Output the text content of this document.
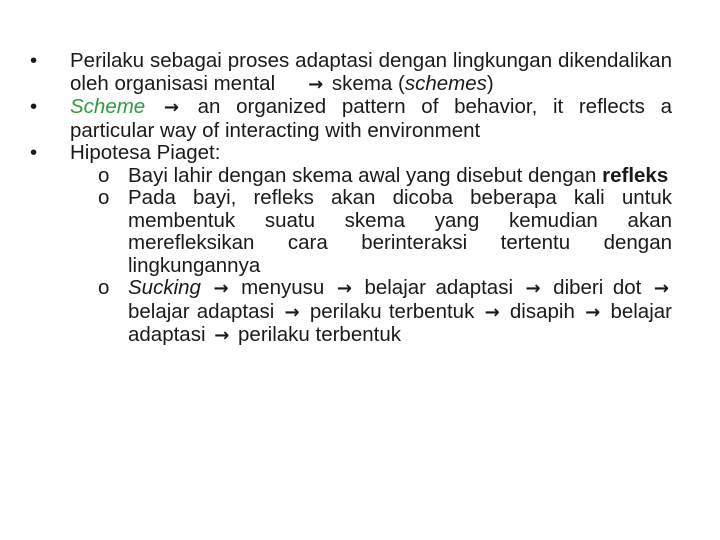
•	Perilaku sebagai proses adaptasi dengan lingkungan dikendalikan oleh organisasi mental → skema (schemes)

•	Scheme → an organized pattern of behavior, it reflects a particular way of interacting with environment

•	Hipotesa Piaget:

o Bayi lahir dengan skema awal yang disebut dengan refleks

o Pada bayi, refleks akan dicoba beberapa kali untuk membentuk suatu skema yang kemudian akan merefleksikan cara berinteraksi tertentu dengan lingkungannya

o Sucking → menyusu → belajar adaptasi → diberi dot → belajar adaptasi → perilaku terbentuk → disapih → belajar adaptasi → perilaku terbentuk
